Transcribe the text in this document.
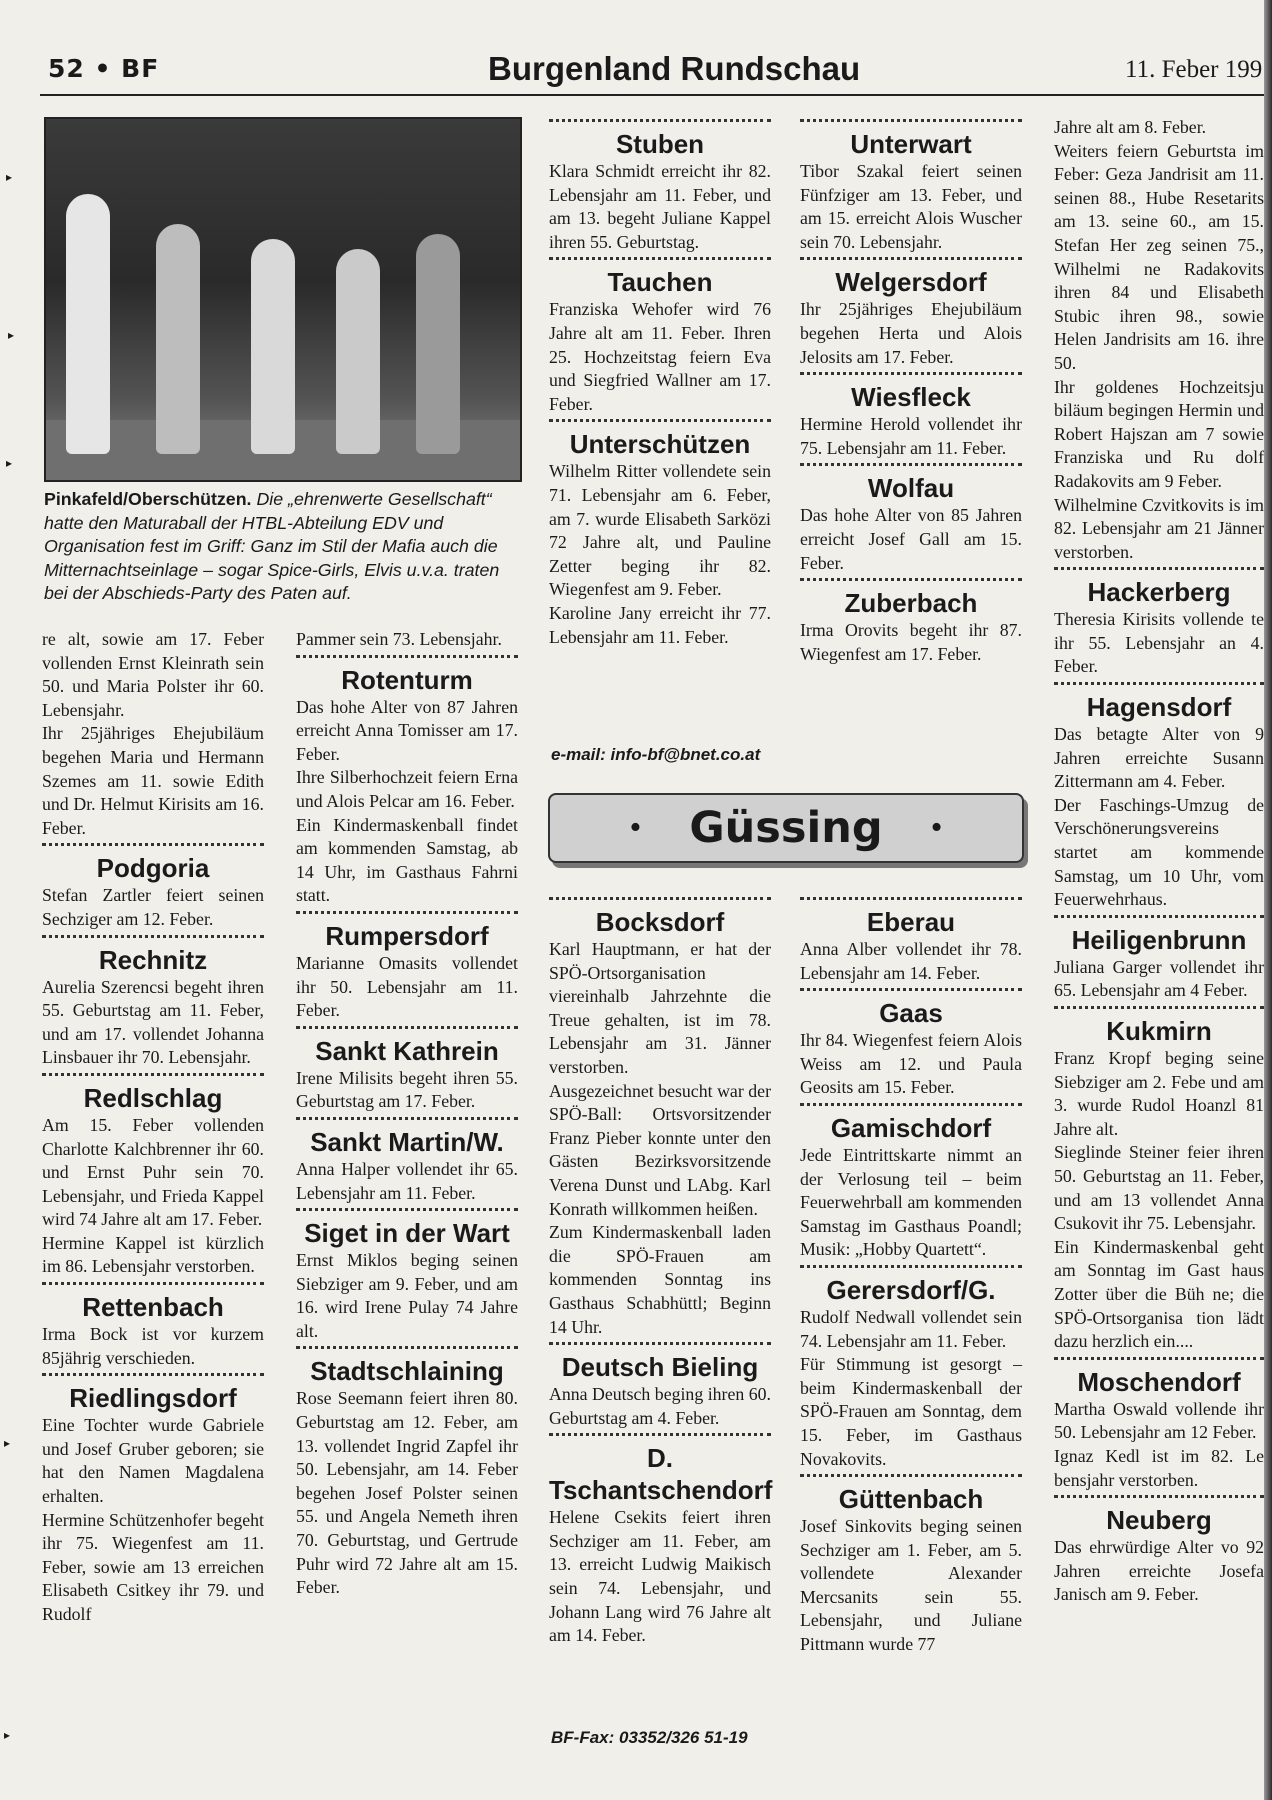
52 • BF	Burgenland Rundschau	11. Feber 199
Pinkafeld/Oberschützen. Die „ehrenwerte Gesellschaft“ hatte den Maturaball der HTBL-Abteilung EDV und Organisation fest im Griff: Ganz im Stil der Mafia auch die Mitternachtseinlage – sogar Spice-Girls, Elvis u.v.a. traten bei der Abschieds-Party des Paten auf.

re alt, sowie am 17. Feber vollenden Ernst Kleinrath sein 50. und Maria Polster ihr 60. Lebensjahr.

Ihr 25jähriges Ehejubiläum begehen Maria und Hermann Szemes am 11. sowie Edith und Dr. Helmut Kirisits am 16. Feber.

Podgoria

Stefan Zartler feiert seinen Sechziger am 12. Feber.

Rechnitz

Aurelia Szerencsi begeht ihren 55. Geburtstag am 11. Feber, und am 17. vollendet Johanna Linsbauer ihr 70. Lebensjahr.

Redlschlag

Am 15. Feber vollenden Charlotte Kalchbrenner ihr 60. und Ernst Puhr sein 70. Lebensjahr, und Frieda Kappel wird 74 Jahre alt am 17. Feber.

Hermine Kappel ist kürzlich im 86. Lebensjahr verstorben.

Rettenbach

Irma Bock ist vor kurzem 85jährig verschieden.

Riedlingsdorf

Eine Tochter wurde Gabriele und Josef Gruber geboren; sie hat den Namen Magdalena erhalten.

Hermine Schützenhofer begeht ihr 75. Wiegenfest am 11. Feber, sowie am 13 erreichen Elisabeth Csitkey ihr 79. und Rudolf

Pammer sein 73. Lebensjahr.

Rotenturm

Das hohe Alter von 87 Jahren erreicht Anna Tomisser am 17. Feber.

Ihre Silberhochzeit feiern Erna und Alois Pelcar am 16. Feber.

Ein Kindermaskenball findet am kommenden Samstag, ab 14 Uhr, im Gasthaus Fahrni statt.

Rumpersdorf

Marianne Omasits vollendet ihr 50. Lebensjahr am 11. Feber.

Sankt Kathrein

Irene Milisits begeht ihren 55. Geburtstag am 17. Feber.

Sankt Martin/W.

Anna Halper vollendet ihr 65. Lebensjahr am 11. Feber.

Siget in der Wart

Ernst Miklos beging seinen Siebziger am 9. Feber, und am 16. wird Irene Pulay 74 Jahre alt.

Stadtschlaining

Rose Seemann feiert ihren 80. Geburtstag am 12. Feber, am 13. vollendet Ingrid Zapfel ihr 50. Lebensjahr, am 14. Feber begehen Josef Polster seinen 55. und Angela Nemeth ihren 70. Geburtstag, und Gertrude Puhr wird 72 Jahre alt am 15. Feber.

Stuben

Klara Schmidt erreicht ihr 82. Lebensjahr am 11. Feber, und am 13. begeht Juliane Kappel ihren 55. Geburtstag.

Tauchen

Franziska Wehofer wird 76 Jahre alt am 11. Feber. Ihren 25. Hochzeitstag feiern Eva und Siegfried Wallner am 17. Feber.

Unterschützen

Wilhelm Ritter vollendete sein 71. Lebensjahr am 6. Feber, am 7. wurde Elisabeth Sarközi 72 Jahre alt, und Pauline Zetter beging ihr 82. Wiegenfest am 9. Feber.

Karoline Jany erreicht ihr 77. Lebensjahr am 11. Feber.

Unterwart

Tibor Szakal feiert seinen Fünfziger am 13. Feber, und am 15. erreicht Alois Wuscher sein 70. Lebensjahr.

Welgersdorf

Ihr 25jähriges Ehejubiläum begehen Herta und Alois Jelosits am 17. Feber.

Wiesfleck

Hermine Herold vollendet ihr 75. Lebensjahr am 11. Feber.

Wolfau

Das hohe Alter von 85 Jahren erreicht Josef Gall am 15. Feber.

Zuberbach

Irma Orovits begeht ihr 87. Wiegenfest am 17. Feber.

e-mail: info-bf@bnet.co.at
• Güssing •
Bocksdorf

Karl Hauptmann, er hat der SPÖ-Ortsorganisation viereinhalb Jahrzehnte die Treue gehalten, ist im 78. Lebensjahr am 31. Jänner verstorben.

Ausgezeichnet besucht war der SPÖ-Ball: Ortsvorsitzender Franz Pieber konnte unter den Gästen Bezirksvorsitzende Verena Dunst und LAbg. Karl Konrath willkommen heißen.

Zum Kindermaskenball laden die SPÖ-Frauen am kommenden Sonntag ins Gasthaus Schabhüttl; Beginn 14 Uhr.

Deutsch Bieling

Anna Deutsch beging ihren 60. Geburtstag am 4. Feber.

D. Tschantschendorf

Helene Csekits feiert ihren Sechziger am 11. Feber, am 13. erreicht Ludwig Maikisch sein 74. Lebensjahr, und Johann Lang wird 76 Jahre alt am 14. Feber.

Eberau

Anna Alber vollendet ihr 78. Lebensjahr am 14. Feber.

Gaas

Ihr 84. Wiegenfest feiern Alois Weiss am 12. und Paula Geosits am 15. Feber.

Gamischdorf

Jede Eintrittskarte nimmt an der Verlosung teil – beim Feuerwehrball am kommenden Samstag im Gasthaus Poandl; Musik: „Hobby Quartett“.

Gerersdorf/G.

Rudolf Nedwall vollendet sein 74. Lebensjahr am 11. Feber.

Für Stimmung ist gesorgt – beim Kindermaskenball der SPÖ-Frauen am Sonntag, dem 15. Feber, im Gasthaus Novakovits.

Güttenbach

Josef Sinkovits beging seinen Sechziger am 1. Feber, am 5. vollendete Alexander Mercsanits sein 55. Lebensjahr, und Juliane Pittmann wurde 77

BF-Fax: 03352/326 51-19

Jahre alt am 8. Feber.

Weiters feiern Geburtsta im Feber: Geza Jandrisit am 11. seinen 88., Hube Resetarits am 13. seine 60., am 15. Stefan Her zeg seinen 75., Wilhelmi ne Radakovits ihren 84 und Elisabeth Stubic ihren 98., sowie Helen Jandrisits am 16. ihre 50.

Ihr goldenes Hochzeitsju biläum begingen Hermin und Robert Hajszan am 7 sowie Franziska und Ru dolf Radakovits am 9 Feber.

Wilhelmine Czvitkovits is im 82. Lebensjahr am 21 Jänner verstorben.

Hackerberg

Theresia Kirisits vollende te ihr 55. Lebensjahr an 4. Feber.

Hagensdorf

Das betagte Alter von 9 Jahren erreichte Susann Zittermann am 4. Feber.

Der Faschings-Umzug de Verschönerungsvereins startet am kommende Samstag, um 10 Uhr, vom Feuerwehrhaus.

Heiligenbrunn

Juliana Garger vollendet ihr 65. Lebensjahr am 4 Feber.

Kukmirn

Franz Kropf beging seine Siebziger am 2. Febe und am 3. wurde Rudol Hoanzl 81 Jahre alt.

Sieglinde Steiner feier ihren 50. Geburtstag an 11. Feber, und am 13 vollendet Anna Csukovit ihr 75. Lebensjahr.

Ein Kindermaskenbal geht am Sonntag im Gast haus Zotter über die Büh ne; die SPÖ-Ortsorganisa tion lädt dazu herzlich ein....

Moschendorf

Martha Oswald vollende ihr 50. Lebensjahr am 12 Feber.

Ignaz Kedl ist im 82. Le bensjahr verstorben.

Neuberg

Das ehrwürdige Alter vo 92 Jahren erreichte Josefa Janisch am 9. Feber.

▸
▸
▸
▸
▸
